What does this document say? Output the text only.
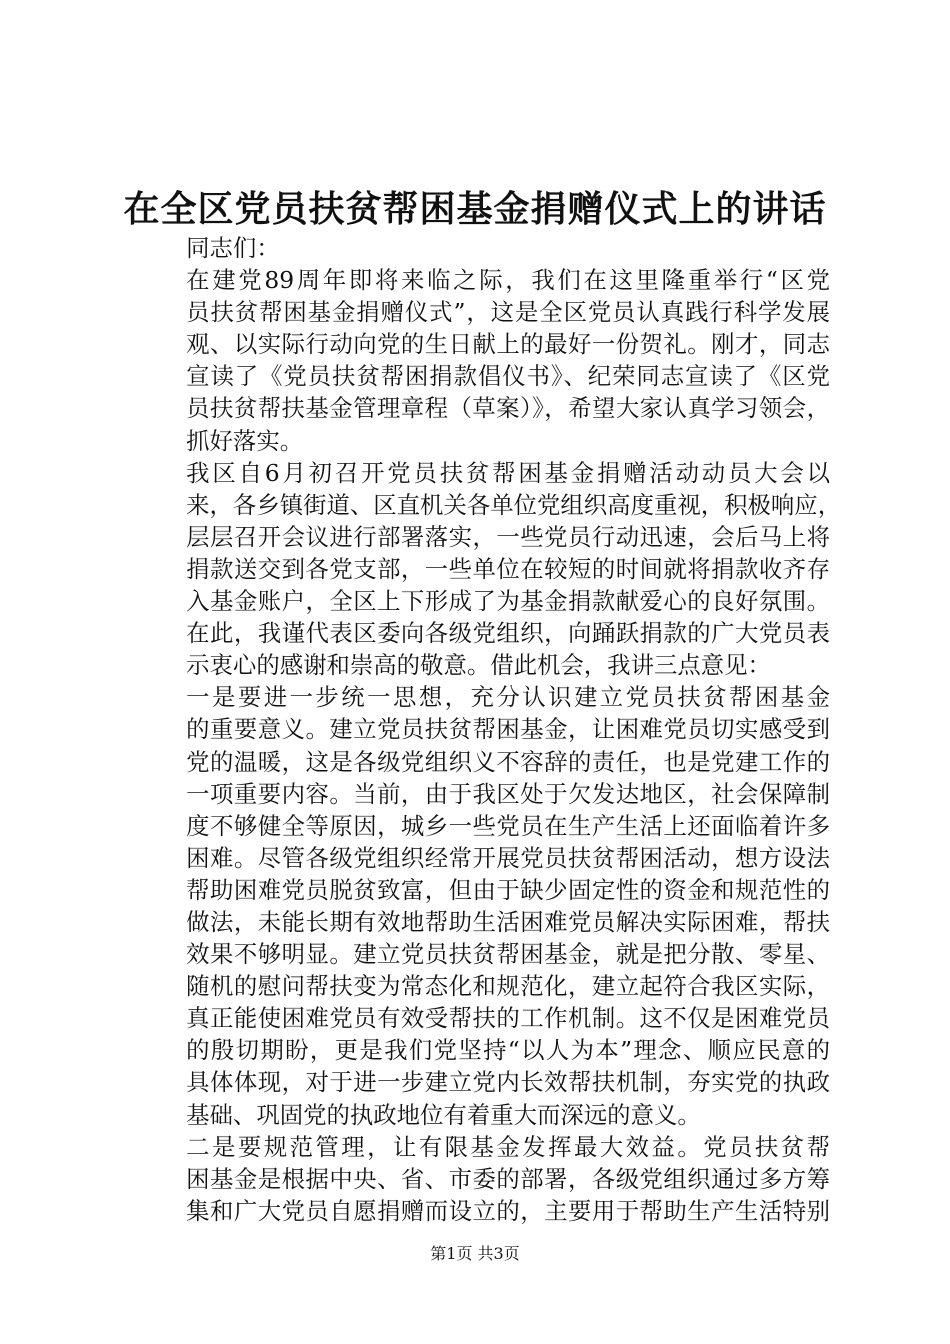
在全区党员扶贫帮困基金捐赠仪式上的讲话

同志们：

在建党89周年即将来临之际，我们在这里隆重举行“区党
员扶贫帮困基金捐赠仪式”，这是全区党员认真践行科学发展
观、以实际行动向党的生日献上的最好一份贺礼。刚才，同志
宣读了《党员扶贫帮困捐款倡仪书》、纪荣同志宣读了《区党
员扶贫帮扶基金管理章程（草案）》，希望大家认真学习领会，
抓好落实。

我区自6月初召开党员扶贫帮困基金捐赠活动动员大会以
来，各乡镇街道、区直机关各单位党组织高度重视，积极响应，
层层召开会议进行部署落实，一些党员行动迅速，会后马上将
捐款送交到各党支部，一些单位在较短的时间就将捐款收齐存
入基金账户，全区上下形成了为基金捐款献爱心的良好氛围。
在此，我谨代表区委向各级党组织，向踊跃捐款的广大党员表
示衷心的感谢和崇高的敬意。借此机会，我讲三点意见：

一是要进一步统一思想，充分认识建立党员扶贫帮困基金
的重要意义。建立党员扶贫帮困基金，让困难党员切实感受到
党的温暖，这是各级党组织义不容辞的责任，也是党建工作的
一项重要内容。当前，由于我区处于欠发达地区，社会保障制
度不够健全等原因，城乡一些党员在生产生活上还面临着许多
困难。尽管各级党组织经常开展党员扶贫帮困活动，想方设法
帮助困难党员脱贫致富，但由于缺少固定性的资金和规范性的
做法，未能长期有效地帮助生活困难党员解决实际困难，帮扶
效果不够明显。建立党员扶贫帮困基金，就是把分散、零星、
随机的慰问帮扶变为常态化和规范化，建立起符合我区实际，
真正能使困难党员有效受帮扶的工作机制。这不仅是困难党员
的殷切期盼，更是我们党坚持“以人为本”理念、顺应民意的
具体体现，对于进一步建立党内长效帮扶机制，夯实党的执政
基础、巩固党的执政地位有着重大而深远的意义。

二是要规范管理，让有限基金发挥最大效益。党员扶贫帮
困基金是根据中央、省、市委的部署，各级党组织通过多方筹
集和广大党员自愿捐赠而设立的，主要用于帮助生产生活特别

第1页 共3页
